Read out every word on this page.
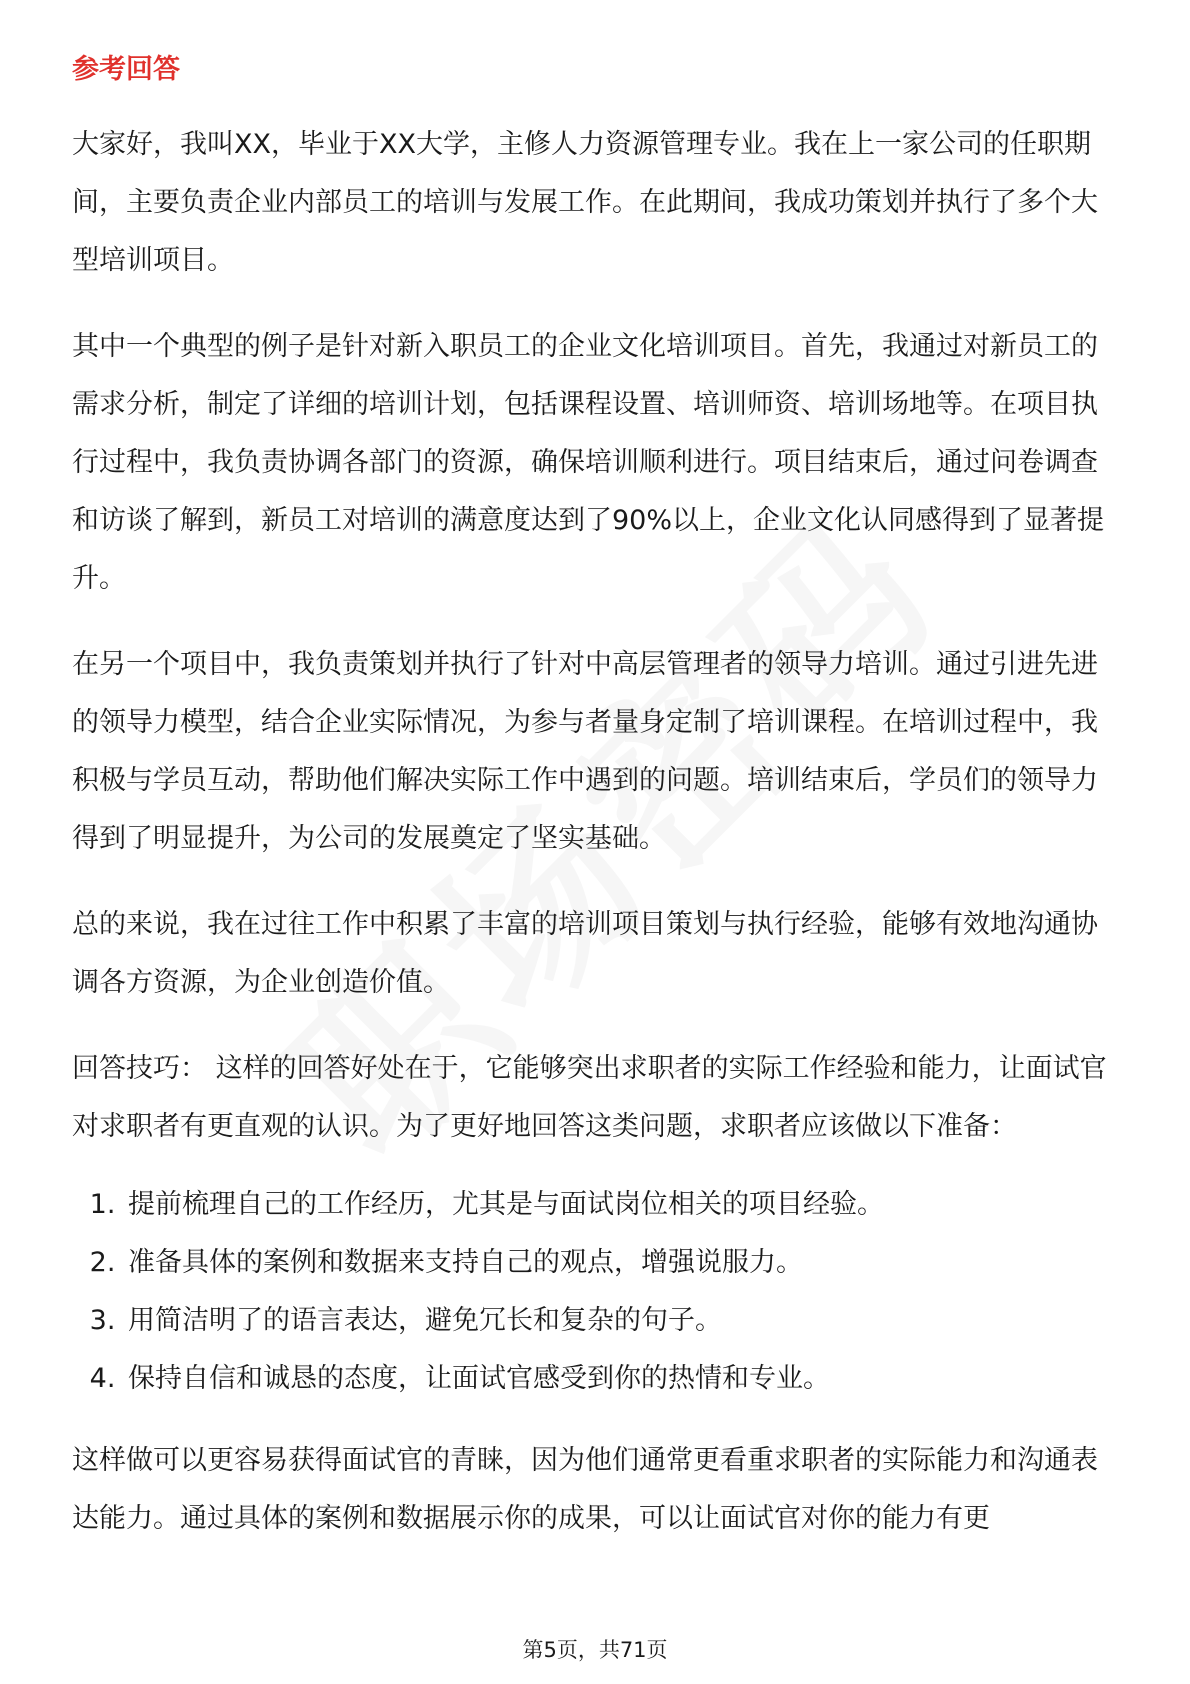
参考回答

大家好，我叫XX，毕业于XX大学，主修人力资源管理专业。我在上一家公司的任职期间，主要负责企业内部员工的培训与发展工作。在此期间，我成功策划并执行了多个大型培训项目。

其中一个典型的例子是针对新入职员工的企业文化培训项目。首先，我通过对新员工的需求分析，制定了详细的培训计划，包括课程设置、培训师资、培训场地等。在项目执行过程中，我负责协调各部门的资源，确保培训顺利进行。项目结束后，通过问卷调查和访谈了解到，新员工对培训的满意度达到了90%以上，企业文化认同感得到了显著提升。

在另一个项目中，我负责策划并执行了针对中高层管理者的领导力培训。通过引进先进的领导力模型，结合企业实际情况，为参与者量身定制了培训课程。在培训过程中，我积极与学员互动，帮助他们解决实际工作中遇到的问题。培训结束后，学员们的领导力得到了明显提升，为公司的发展奠定了坚实基础。

总的来说，我在过往工作中积累了丰富的培训项目策划与执行经验，能够有效地沟通协调各方资源，为企业创造价值。

回答技巧： 这样的回答好处在于，它能够突出求职者的实际工作经验和能力，让面试官对求职者有更直观的认识。为了更好地回答这类问题，求职者应该做以下准备：

1. 提前梳理自己的工作经历，尤其是与面试岗位相关的项目经验。
2. 准备具体的案例和数据来支持自己的观点，增强说服力。
3. 用简洁明了的语言表达，避免冗长和复杂的句子。
4. 保持自信和诚恳的态度，让面试官感受到你的热情和专业。

这样做可以更容易获得面试官的青睐，因为他们通常更看重求职者的实际能力和沟通表达能力。通过具体的案例和数据展示你的成果，可以让面试官对你的能力有更

第5页，共71页
